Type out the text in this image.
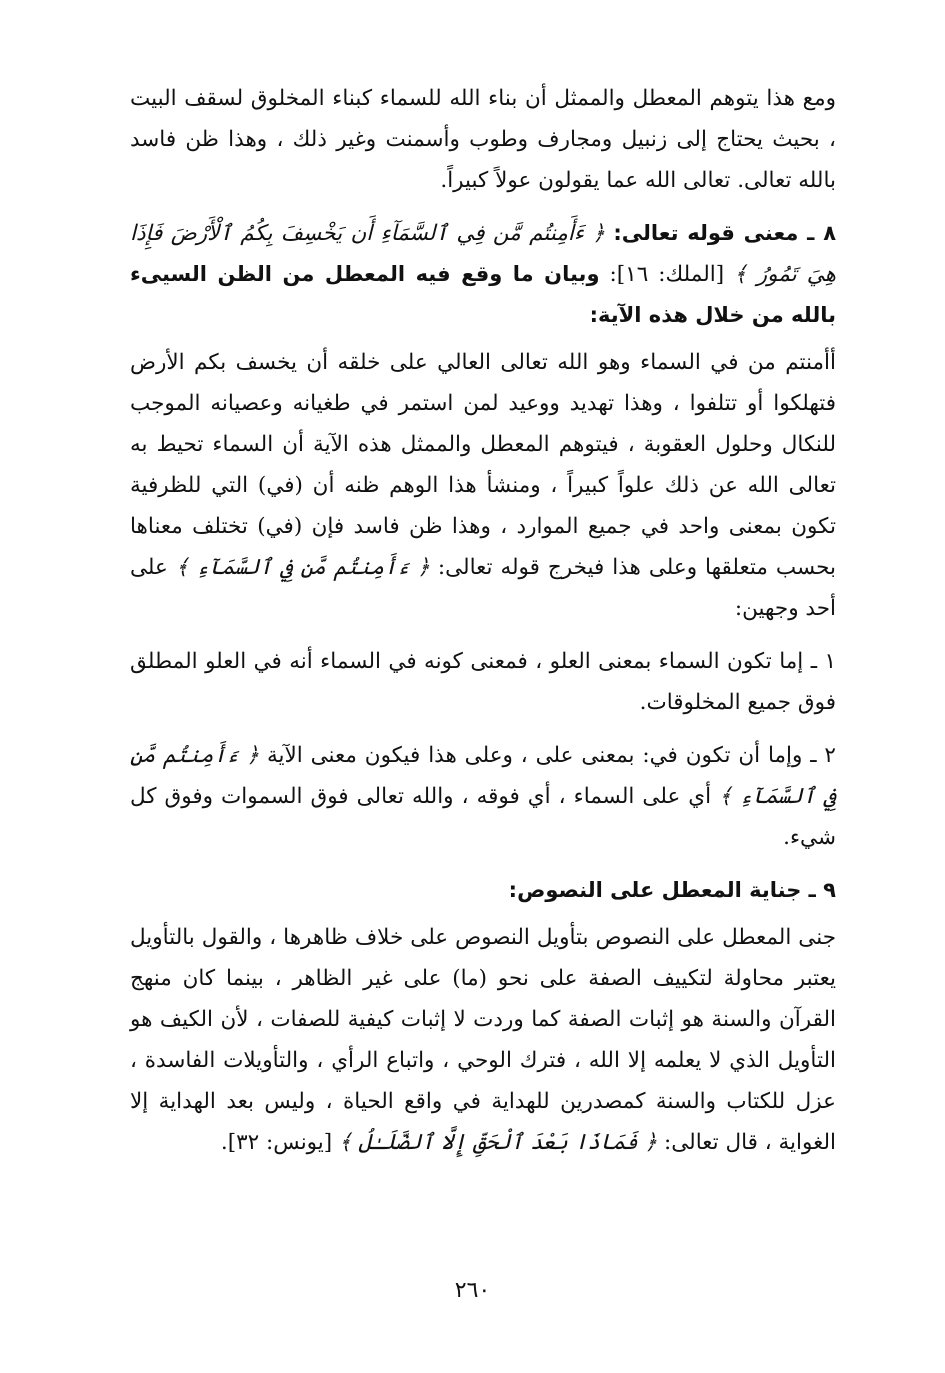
ومع هذا يتوهم المعطل والممثل أن بناء الله للسماء كبناء المخلوق لسقف البيت ، بحيث يحتاج إلى زنبيل ومجارف وطوب وأسمنت وغير ذلك ، وهذا ظن فاسد بالله تعالى. تعالى الله عما يقولون عولاً كبيراً.

٨ ـ معنى قوله تعالى: ﴿ ءَأَمِنتُم مَّن فِي ٱلسَّمَآءِ أَن يَخْسِفَ بِكُمُ ٱلْأَرْضَ فَإِذَا هِيَ تَمُورُ ﴾ [الملك: ١٦]: وبيان ما وقع فيه المعطل من الظن السيىء بالله من خلال هذه الآية:

أأمنتم من في السماء وهو الله تعالى العالي على خلقه أن يخسف بكم الأرض فتهلكوا أو تتلفوا ، وهذا تهديد ووعيد لمن استمر في طغيانه وعصيانه الموجب للنكال وحلول العقوبة ، فيتوهم المعطل والممثل هذه الآية أن السماء تحيط به تعالى الله عن ذلك علواً كبيراً ، ومنشأ هذا الوهم ظنه أن (في) التي للظرفية تكون بمعنى واحد في جميع الموارد ، وهذا ظن فاسد فإن (في) تختلف معناها بحسب متعلقها وعلى هذا فيخرج قوله تعالى: ﴿ ءَأَمِنتُم مَّن فِي ٱلسَّمَآءِ ﴾ على أحد وجهين:

١ ـ إما تكون السماء بمعنى العلو ، فمعنى كونه في السماء أنه في العلو المطلق فوق جميع المخلوقات.

٢ ـ وإما أن تكون في: بمعنى على ، وعلى هذا فيكون معنى الآية ﴿ ءَأَمِنتُم مَّن فِي ٱلسَّمَآءِ ﴾ أي على السماء ، أي فوقه ، والله تعالى فوق السموات وفوق كل شيء.

٩ ـ جناية المعطل على النصوص:

جنى المعطل على النصوص بتأويل النصوص على خلاف ظاهرها ، والقول بالتأويل يعتبر محاولة لتكييف الصفة على نحو (ما) على غير الظاهر ، بينما كان منهج القرآن والسنة هو إثبات الصفة كما وردت لا إثبات كيفية للصفات ، لأن الكيف هو التأويل الذي لا يعلمه إلا الله ، فترك الوحي ، واتباع الرأي ، والتأويلات الفاسدة ، عزل للكتاب والسنة كمصدرين للهداية في واقع الحياة ، وليس بعد الهداية إلا الغواية ، قال تعالى: ﴿ فَمَاذَا بَعْدَ ٱلْحَقِّ إِلَّا ٱلضَّلَـٰلُ ﴾ [يونس: ٣٢].

٢٦٠
